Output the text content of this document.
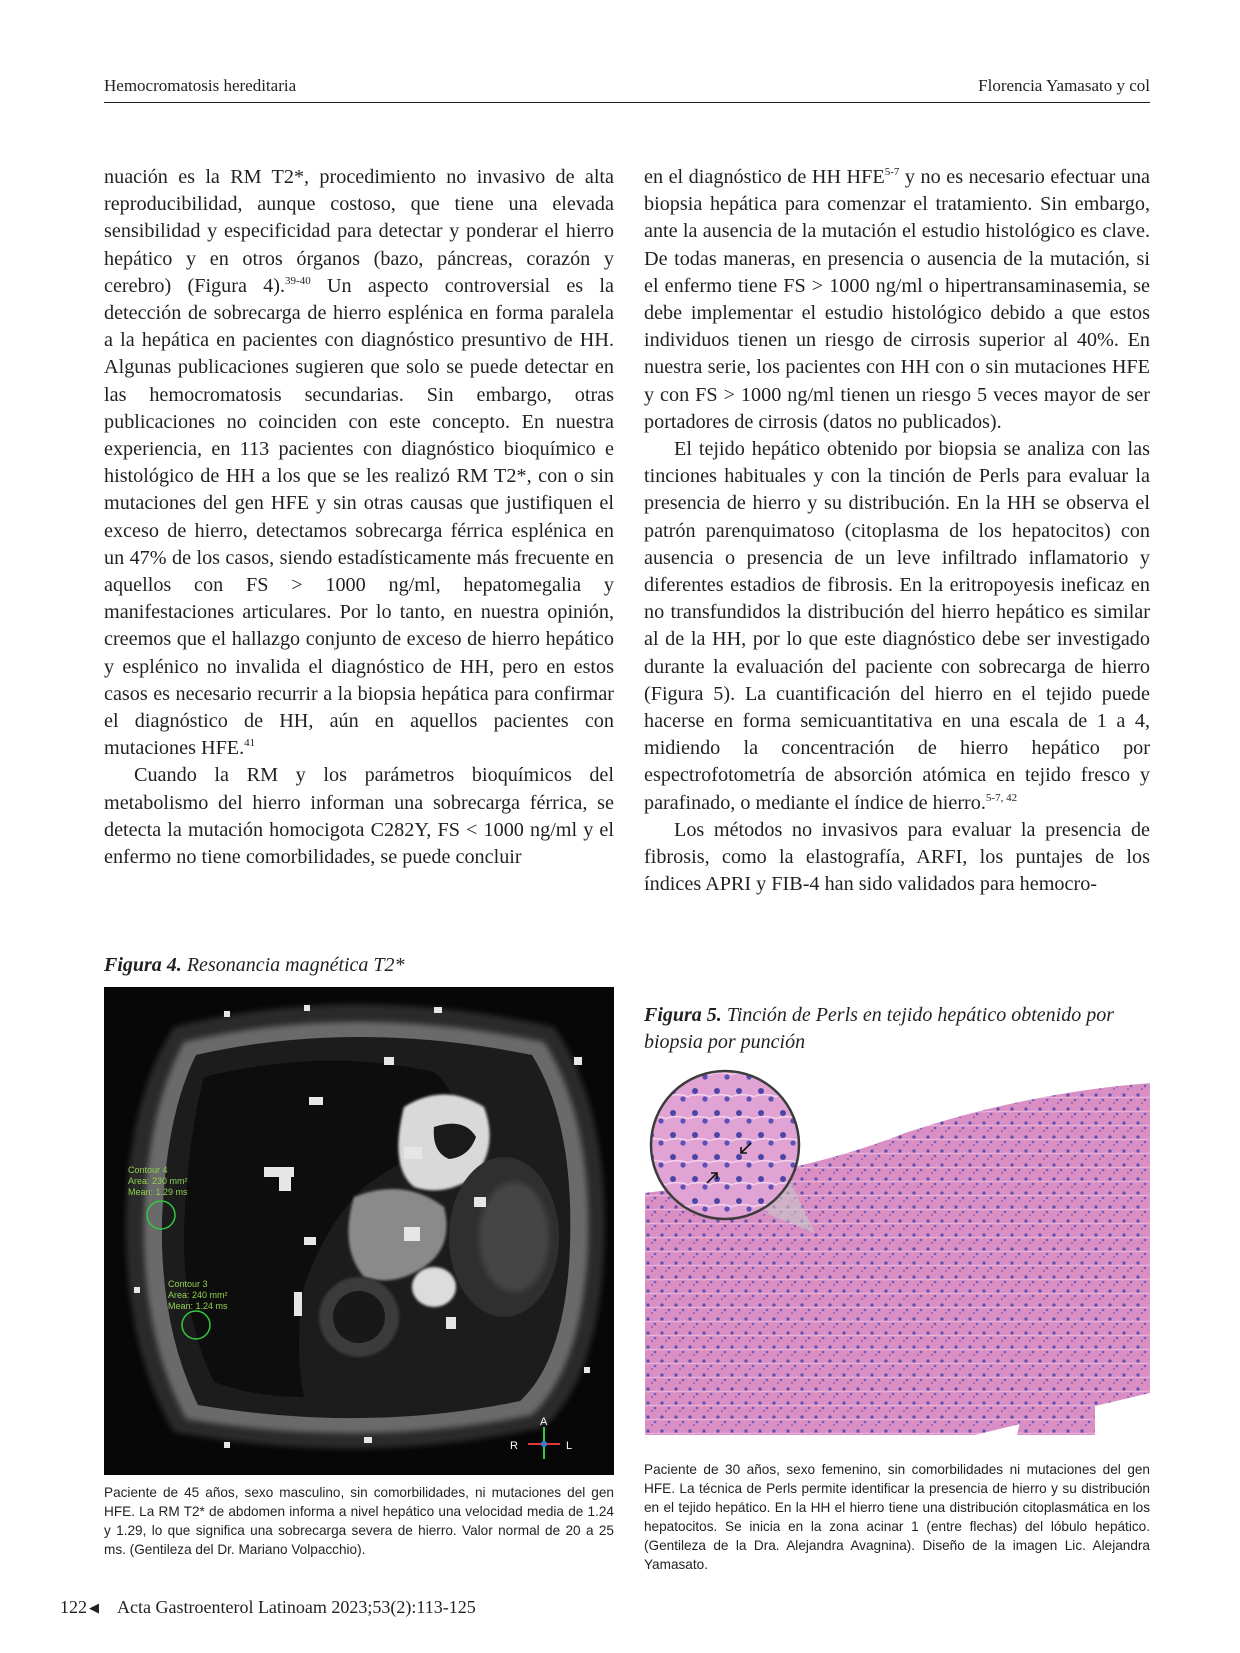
Hemocromatosis hereditaria	Florencia Yamasato y col

nuación es la RM T2*, procedimiento no invasivo de alta reproducibilidad, aunque costoso, que tiene una elevada sensibilidad y especificidad para detectar y ponderar el hierro hepático y en otros órganos (bazo, páncreas, corazón y cerebro) (Figura 4).$^{39-40}$ Un aspecto controversial es la detección de sobrecarga de hierro esplénica en forma paralela a la hepática en pacientes con diagnóstico presuntivo de HH. Algunas publicaciones sugieren que solo se puede detectar en las hemocromatosis secundarias. Sin embargo, otras publicaciones no coinciden con este concepto. En nuestra experiencia, en 113 pacientes con diagnóstico bioquímico e histológico de HH a los que se les realizó RM T2*, con o sin mutaciones del gen HFE y sin otras causas que justifiquen el exceso de hierro, detectamos sobrecarga férrica esplénica en un 47% de los casos, siendo estadísticamente más frecuente en aquellos con FS > 1000 ng/ml, hepatomegalia y manifestaciones articulares. Por lo tanto, en nuestra opinión, creemos que el hallazgo conjunto de exceso de hierro hepático y esplénico no invalida el diagnóstico de HH, pero en estos casos es necesario recurrir a la biopsia hepática para confirmar el diagnóstico de HH, aún en aquellos pacientes con mutaciones HFE.$^{41}$

Cuando la RM y los parámetros bioquímicos del metabolismo del hierro informan una sobrecarga férrica, se detecta la mutación homocigota C282Y, FS < 1000 ng/ml y el enfermo no tiene comorbilidades, se puede concluir

en el diagnóstico de HH HFE$^{5-7}$ y no es necesario efectuar una biopsia hepática para comenzar el tratamiento. Sin embargo, ante la ausencia de la mutación el estudio histológico es clave. De todas maneras, en presencia o ausencia de la mutación, si el enfermo tiene FS > 1000 ng/ml o hipertransaminasemia, se debe implementar el estudio histológico debido a que estos individuos tienen un riesgo de cirrosis superior al 40%. En nuestra serie, los pacientes con HH con o sin mutaciones HFE y con FS > 1000 ng/ml tienen un riesgo 5 veces mayor de ser portadores de cirrosis (datos no publicados).

El tejido hepático obtenido por biopsia se analiza con las tinciones habituales y con la tinción de Perls para evaluar la presencia de hierro y su distribución. En la HH se observa el patrón parenquimatoso (citoplasma de los hepatocitos) con ausencia o presencia de un leve infiltrado inflamatorio y diferentes estadios de fibrosis. En la eritropoyesis ineficaz en no transfundidos la distribución del hierro hepático es similar al de la HH, por lo que este diagnóstico debe ser investigado durante la evaluación del paciente con sobrecarga de hierro (Figura 5). La cuantificación del hierro en el tejido puede hacerse en forma semicuantitativa en una escala de 1 a 4, midiendo la concentración de hierro hepático por espectrofotometría de absorción atómica en tejido fresco y parafinado, o mediante el índice de hierro.$^{5-7, 42}$

Los métodos no invasivos para evaluar la presencia de fibrosis, como la elastografía, ARFI, los puntajes de los índices APRI y FIB-4 han sido validados para hemocro-

Figura 4. Resonancia magnética T2*
Contour 4
Area: 230 mm²
Mean: 1.29 ms
Contour 3
Area: 240 mm²
Mean: 1.24 ms
A
R	L
Paciente de 45 años, sexo masculino, sin comorbilidades, ni mutaciones del gen HFE. La RM T2* de abdomen informa a nivel hepático una velocidad media de 1.24 y 1.29, lo que significa una sobrecarga severa de hierro. Valor normal de 20 a 25 ms. (Gentileza del Dr. Mariano Volpacchio).
Figura 5. Tinción de Perls en tejido hepático obtenido por biopsia por punción
Paciente de 30 años, sexo femenino, sin comorbilidades ni mutaciones del gen HFE. La técnica de Perls permite identificar la presencia de hierro y su distribución en el tejido hepático. En la HH el hierro tiene una distribución citoplasmática en los hepatocitos. Se inicia en la zona acinar 1 (entre flechas) del lóbulo hepático. (Gentileza de la Dra. Alejandra Avagnina). Diseño de la imagen Lic. Alejandra Yamasato.
122 ◀ Acta Gastroenterol Latinoam 2023;53(2):113-125
